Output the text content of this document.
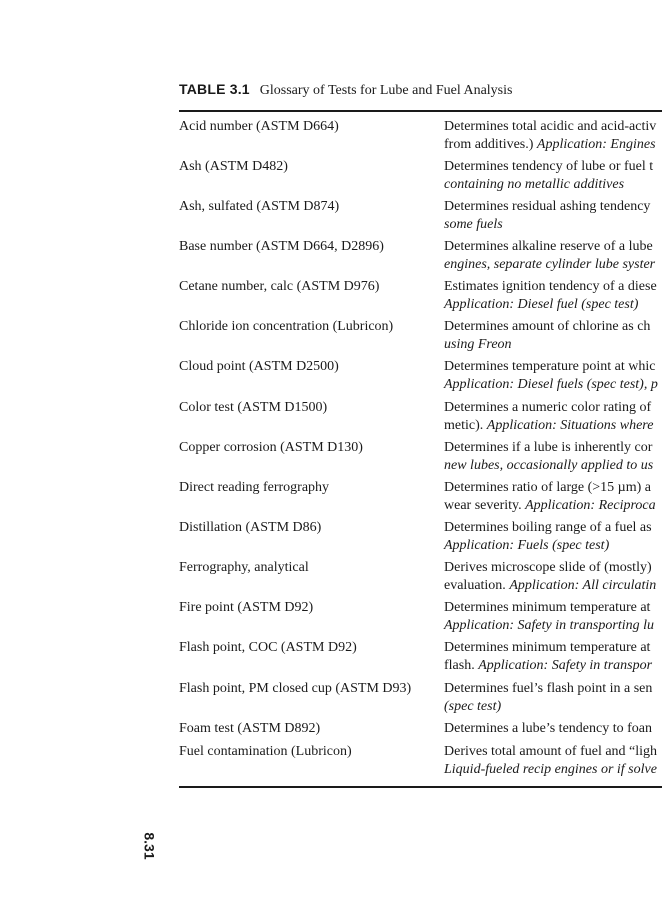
TABLE 3.1 Glossary of Tests for Lube and Fuel Analysis
Acid number (ASTM D664)	Determines total acidic and acid-activ
from additives.) Application: Engines
Ash (ASTM D482)	Determines tendency of lube or fuel t
containing no metallic additives
Ash, sulfated (ASTM D874)	Determines residual ashing tendency
some fuels
Base number (ASTM D664, D2896)	Determines alkaline reserve of a lube
engines, separate cylinder lube syster
Cetane number, calc (ASTM D976)	Estimates ignition tendency of a diese
Application: Diesel fuel (spec test)
Chloride ion concentration (Lubricon)	Determines amount of chlorine as ch
using Freon
Cloud point (ASTM D2500)	Determines temperature point at whic
Application: Diesel fuels (spec test), p
Color test (ASTM D1500)	Determines a numeric color rating of
metic). Application: Situations where
Copper corrosion (ASTM D130)	Determines if a lube is inherently cor
new lubes, occasionally applied to us
Direct reading ferrography	Determines ratio of large (>15 µm) a
wear severity. Application: Reciproca
Distillation (ASTM D86)	Determines boiling range of a fuel as
Application: Fuels (spec test)
Ferrography, analytical	Derives microscope slide of (mostly)
evaluation. Application: All circulatin
Fire point (ASTM D92)	Determines minimum temperature at
Application: Safety in transporting lu
Flash point, COC (ASTM D92)	Determines minimum temperature at
flash. Application: Safety in transpor
Flash point, PM closed cup (ASTM D93) Determines fuel’s flash point in a sen
(spec test)
Foam test (ASTM D892)	Determines a lube’s tendency to foan
Fuel contamination (Lubricon)	Derives total amount of fuel and “ligh
Liquid-fueled recip engines or if solve
8.31
